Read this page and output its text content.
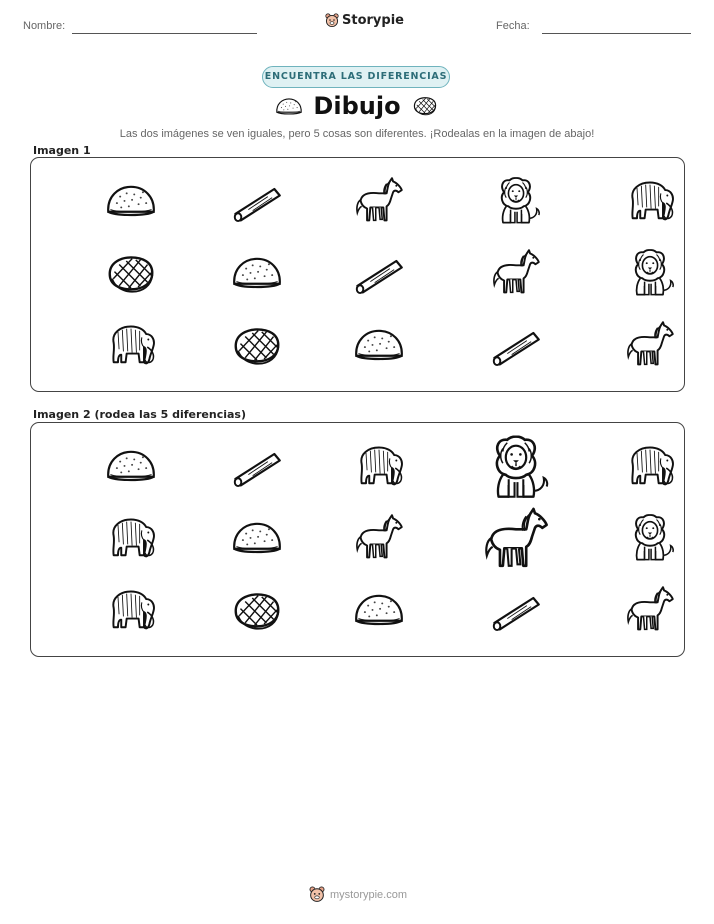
Nombre:	Storypie	Fecha:
ENCUENTRA LAS DIFERENCIAS
Dibujo
Las dos imágenes se ven iguales, pero 5 cosas son diferentes. ¡Rodealas en la imagen de abajo!
Imagen 1
Imagen 2 (rodea las 5 diferencias)
mystorypie.com
